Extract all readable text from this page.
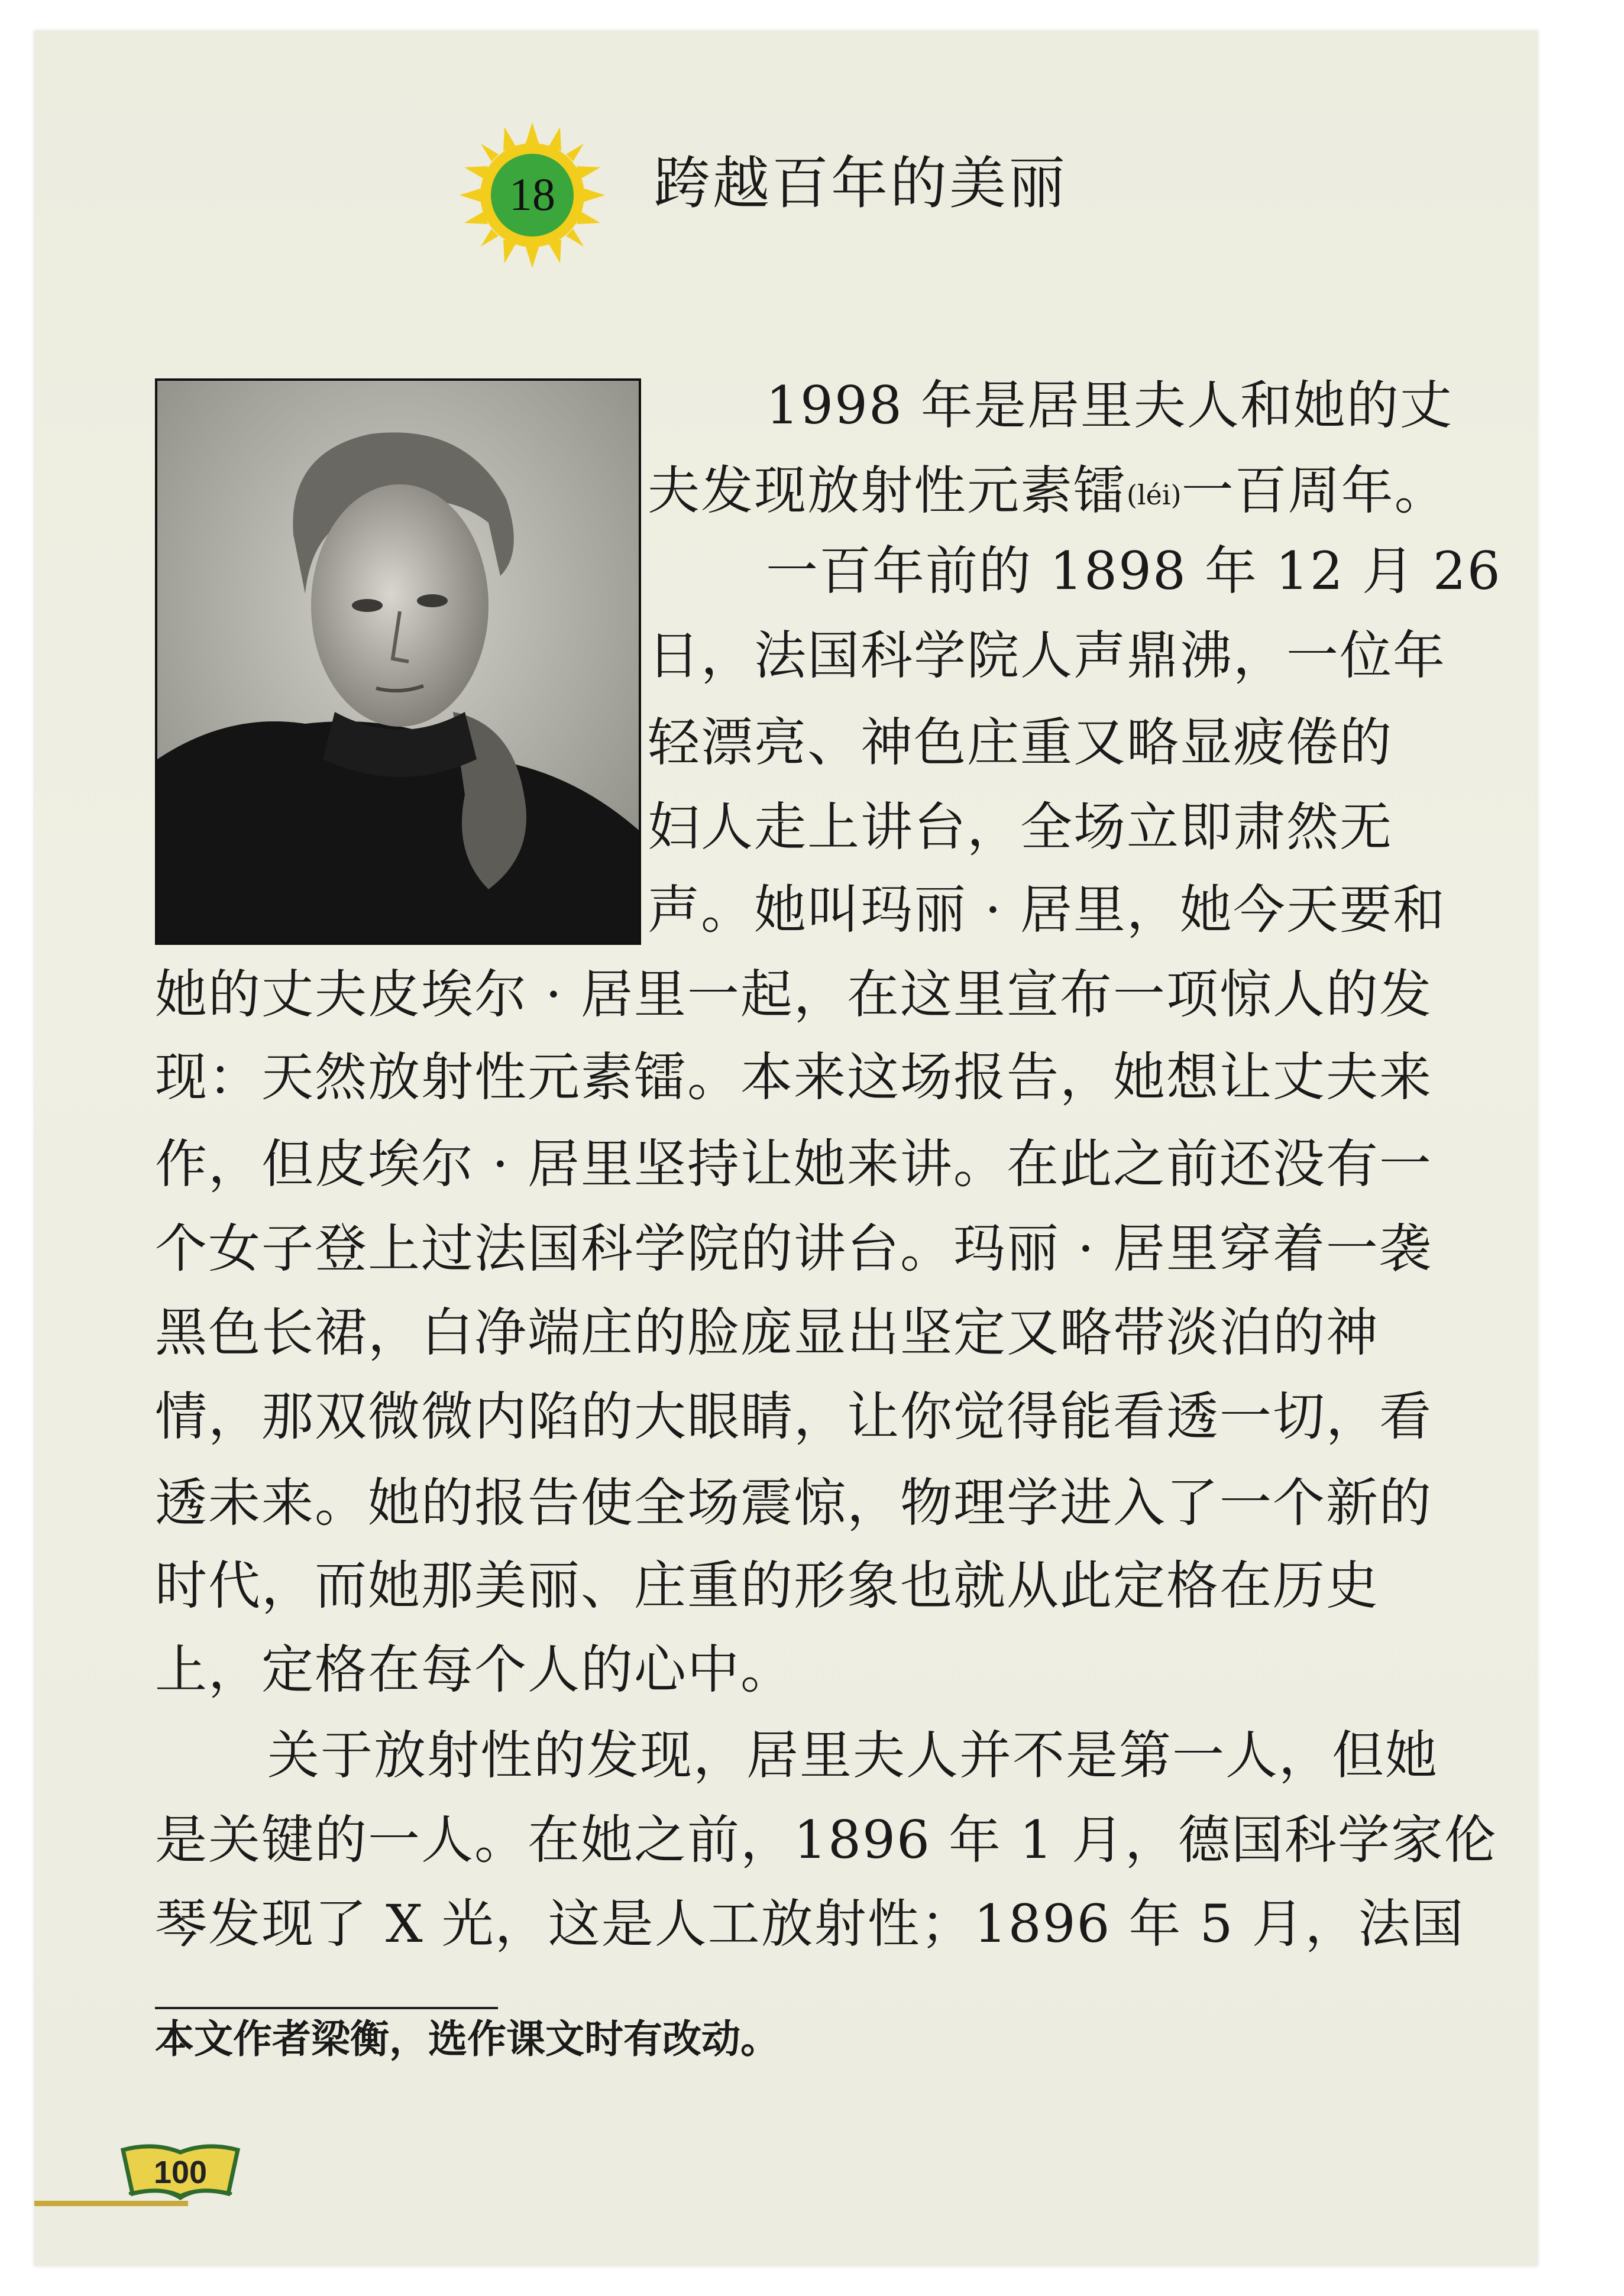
18 跨越百年的美丽
1998 年是居里夫人和她的丈
夫发现放射性元素镭(léi)一百周年。
一百年前的 1898 年 12 月 26
日，法国科学院人声鼎沸，一位年
轻漂亮、神色庄重又略显疲倦的
妇人走上讲台，全场立即肃然无
声。她叫玛丽 · 居里，她今天要和
她的丈夫皮埃尔 · 居里一起，在这里宣布一项惊人的发
现：天然放射性元素镭。本来这场报告，她想让丈夫来
作，但皮埃尔 · 居里坚持让她来讲。在此之前还没有一
个女子登上过法国科学院的讲台。玛丽 · 居里穿着一袭
黑色长裙，白净端庄的脸庞显出坚定又略带淡泊的神
情，那双微微内陷的大眼睛，让你觉得能看透一切，看
透未来。她的报告使全场震惊，物理学进入了一个新的
时代，而她那美丽、庄重的形象也就从此定格在历史
上，定格在每个人的心中。
关于放射性的发现，居里夫人并不是第一人，但她
是关键的一人。在她之前，1896 年 1 月，德国科学家伦
琴发现了 X 光，这是人工放射性；1896 年 5 月，法国
本文作者梁衡，选作课文时有改动。
100
